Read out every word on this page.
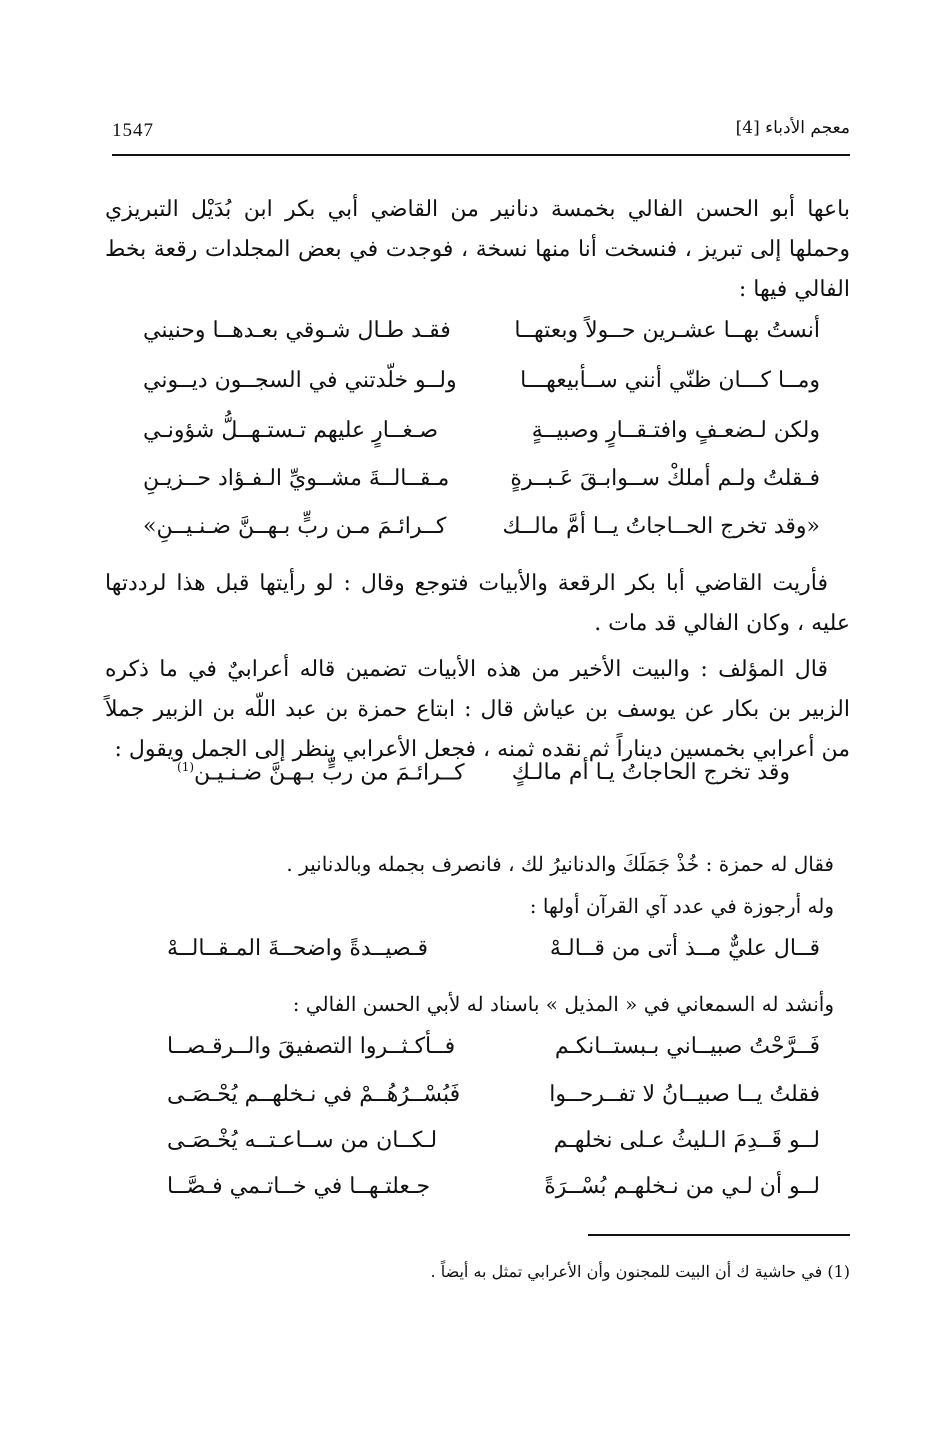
1547	معجم الأدباء [4]
باعها أبو الحسن الفالي بخمسة دنانير من القاضي أبي بكر ابن بُدَيْل التبريزي وحملها إلى تبريز ، فنسخت أنا منها نسخة ، فوجدت في بعض المجلدات رقعة بخط الفالي فيها :
أنستُ بهــا عشـرين حــولاً وبعتهــا
فقـد طـال شـوقي بعـدهــا وحنيني
ومــا كـــان ظنّي أنني ســأبيعهـــا
ولــو خلّدتني في السجــون ديــوني
ولكن لـضعـفٍ وافتـقــارٍ وصبيــةٍ
صـغــارٍ عليهم تـستـهــلُّ شؤونـي
فـقلتُ ولـم أملكْ ســوابـقَ عَـبــرةٍ
مـقــالــةَ مشــويِّ الـفـؤاد حــزيـنِ
«وقد تخرج الحــاجاتُ يــا أمَّ مالــك
كــرائـمَ مـن ربٍّ بـهــنَّ ضـنـيــنِ»
فأريت القاضي أبا بكر الرقعة والأبيات فتوجع وقال : لو رأيتها قبل هذا لرددتها عليه ، وكان الفالي قد مات .
قال المؤلف : والبيت الأخير من هذه الأبيات تضمين قاله أعرابيٌ في ما ذكره الزبير بن بكار عن يوسف بن عياش قال : ابتاع حمزة بن عبد اللّه بن الزبير جملاً من أعرابي بخمسين ديناراً ثم نقده ثمنه ، فجعل الأعرابي ينظر إلى الجمل ويقول :
وقد تخرج الحاجاتُ يـا أم مالـكٍ
كــرائـمَ من ربٍّ بـهـنَّ ضـنـيـن$^{(1)}$
فقال له حمزة : خُذْ جَمَلَكَ والدنانيرُ لك ، فانصرف بجمله وبالدنانير .
وله أرجوزة في عدد آي القرآن أولها :
قــال عليٌّ مــذ أتى من قــالـهْ
قـصيــدةً واضحــةَ المـقــالــهْ
وأنشد له السمعاني في « المذيل » باسناد له لأبي الحسن الفالي :
فَــرَّحْتُ صبيــاني بـبستــانكـم
فــأكـثــروا التصفيقَ والــرقـصــا
فقلتُ يــا صبيــانُ لا تفــرحــوا
فَبُسْــرُهُــمْ في نـخلهــم يُحْـصَـى
لــو قَــدِمَ الـليثُ عـلى نخلهـم
لـكــان من ســاعـتــه يُخْـصَـى
لــو أن لـي من نـخلهـم بُسْــرَةً
جـعلتـهــا في خــاتـمي فـصَّــا
(1) في حاشية ك أن البيت للمجنون وأن الأعرابي تمثل به أيضاً .
